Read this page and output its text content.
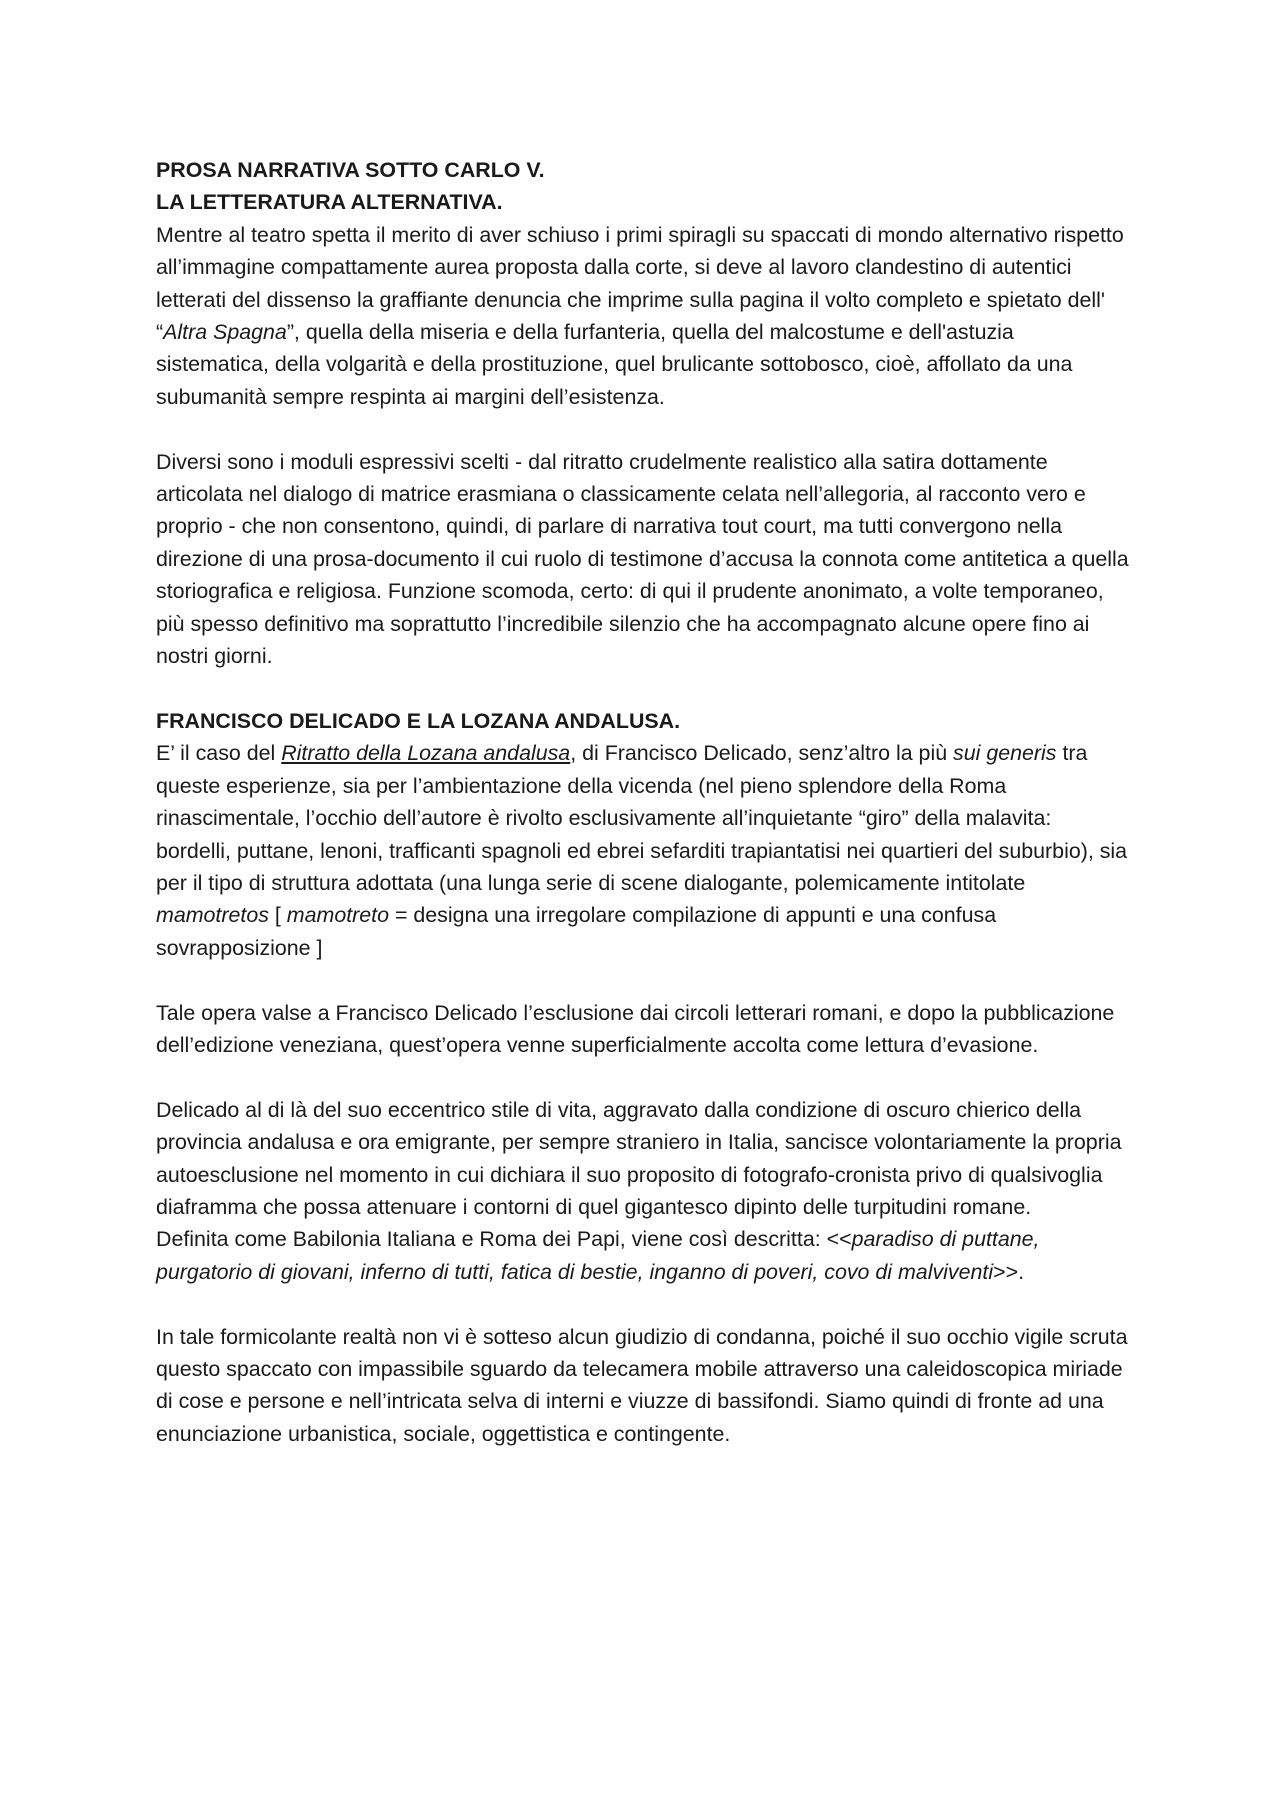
PROSA NARRATIVA SOTTO CARLO V.

LA LETTERATURA ALTERNATIVA.

Mentre al teatro spetta il merito di aver schiuso i primi spiragli su spaccati di mondo alternativo rispetto all’immagine compattamente aurea proposta dalla corte, si deve al lavoro clandestino di autentici letterati del dissenso la graffiante denuncia che imprime sulla pagina il volto completo e spietato dell' “Altra Spagna”, quella della miseria e della furfanteria, quella del malcostume e dell'astuzia sistematica, della volgarità e della prostituzione, quel brulicante sottobosco, cioè, affollato da una subumanità sempre respinta ai margini dell’esistenza.

Diversi sono i moduli espressivi scelti - dal ritratto crudelmente realistico alla satira dottamente articolata nel dialogo di matrice erasmiana o classicamente celata nell’allegoria, al racconto vero e proprio - che non consentono, quindi, di parlare di narrativa tout court, ma tutti convergono nella direzione di una prosa-documento il cui ruolo di testimone d’accusa la connota come antitetica a quella storiografica e religiosa. Funzione scomoda, certo: di qui il prudente anonimato, a volte temporaneo, più spesso definitivo ma soprattutto l’incredibile silenzio che ha accompagnato alcune opere fino ai nostri giorni.

FRANCISCO DELICADO E LA LOZANA ANDALUSA.

E’ il caso del Ritratto della Lozana andalusa, di Francisco Delicado, senz’altro la più sui generis tra queste esperienze, sia per l’ambientazione della vicenda (nel pieno splendore della Roma rinascimentale, l’occhio dell’autore è rivolto esclusivamente all’inquietante “giro” della malavita: bordelli, puttane, lenoni, trafficanti spagnoli ed ebrei sefarditi trapiantatisi nei quartieri del suburbio), sia per il tipo di struttura adottata (una lunga serie di scene dialogante, polemicamente intitolate mamotretos [ mamotreto = designa una irregolare compilazione di appunti e una confusa sovrapposizione ]

Tale opera valse a Francisco Delicado l’esclusione dai circoli letterari romani, e dopo la pubblicazione dell’edizione veneziana, quest’opera venne superficialmente accolta come lettura d’evasione.

Delicado al di là del suo eccentrico stile di vita, aggravato dalla condizione di oscuro chierico della provincia andalusa e ora emigrante, per sempre straniero in Italia, sancisce volontariamente la propria autoesclusione nel momento in cui dichiara il suo proposito di fotografo-cronista privo di qualsivoglia diaframma che possa attenuare i contorni di quel gigantesco dipinto delle turpitudini romane.

Definita come Babilonia Italiana e Roma dei Papi, viene così descritta: <<paradiso di puttane, purgatorio di giovani, inferno di tutti, fatica di bestie, inganno di poveri, covo di malviventi>>.

In tale formicolante realtà non vi è sotteso alcun giudizio di condanna, poiché il suo occhio vigile scruta questo spaccato con impassibile sguardo da telecamera mobile attraverso una caleidoscopica miriade di cose e persone e nell’intricata selva di interni e viuzze di bassifondi. Siamo quindi di fronte ad una enunciazione urbanistica, sociale, oggettistica e contingente.
